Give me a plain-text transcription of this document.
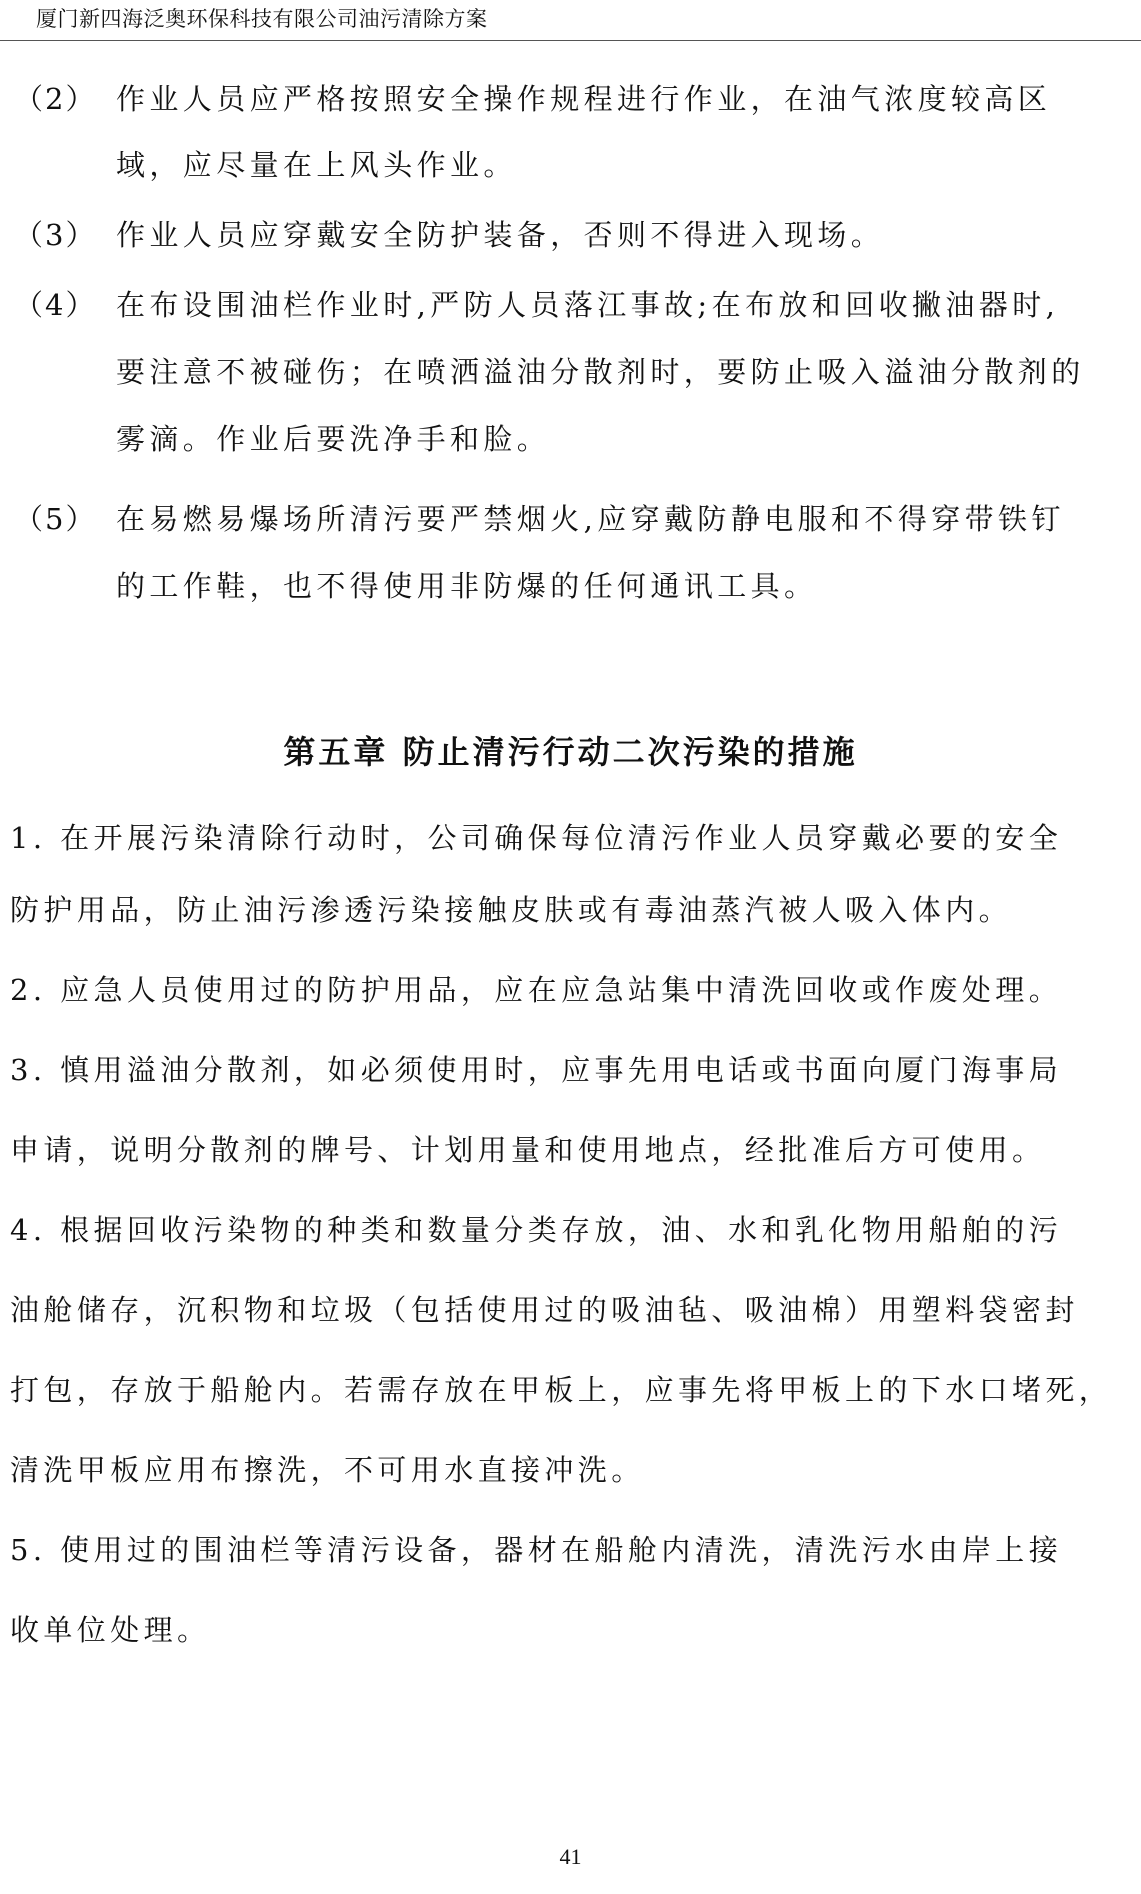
厦门新四海泛奥环保科技有限公司油污清除方案
（2） 作业人员应严格按照安全操作规程进行作业，在油气浓度较高区
域，应尽量在上风头作业。
（3） 作业人员应穿戴安全防护装备，否则不得进入现场。
（4） 在布设围油栏作业时,严防人员落江事故;在布放和回收撇油器时,
要注意不被碰伤；在喷洒溢油分散剂时，要防止吸入溢油分散剂的
雾滴。作业后要洗净手和脸。
（5） 在易燃易爆场所清污要严禁烟火,应穿戴防静电服和不得穿带铁钉
的工作鞋，也不得使用非防爆的任何通讯工具。
第五章 防止清污行动二次污染的措施
1. 在开展污染清除行动时，公司确保每位清污作业人员穿戴必要的安全
防护用品，防止油污渗透污染接触皮肤或有毒油蒸汽被人吸入体内。
2. 应急人员使用过的防护用品，应在应急站集中清洗回收或作废处理。
3. 慎用溢油分散剂，如必须使用时，应事先用电话或书面向厦门海事局
申请，说明分散剂的牌号、计划用量和使用地点，经批准后方可使用。
4. 根据回收污染物的种类和数量分类存放，油、水和乳化物用船舶的污
油舱储存，沉积物和垃圾（包括使用过的吸油毡、吸油棉）用塑料袋密封
打包，存放于船舱内。若需存放在甲板上，应事先将甲板上的下水口堵死，
清洗甲板应用布擦洗，不可用水直接冲洗。
5. 使用过的围油栏等清污设备，器材在船舱内清洗，清洗污水由岸上接
收单位处理。
41
